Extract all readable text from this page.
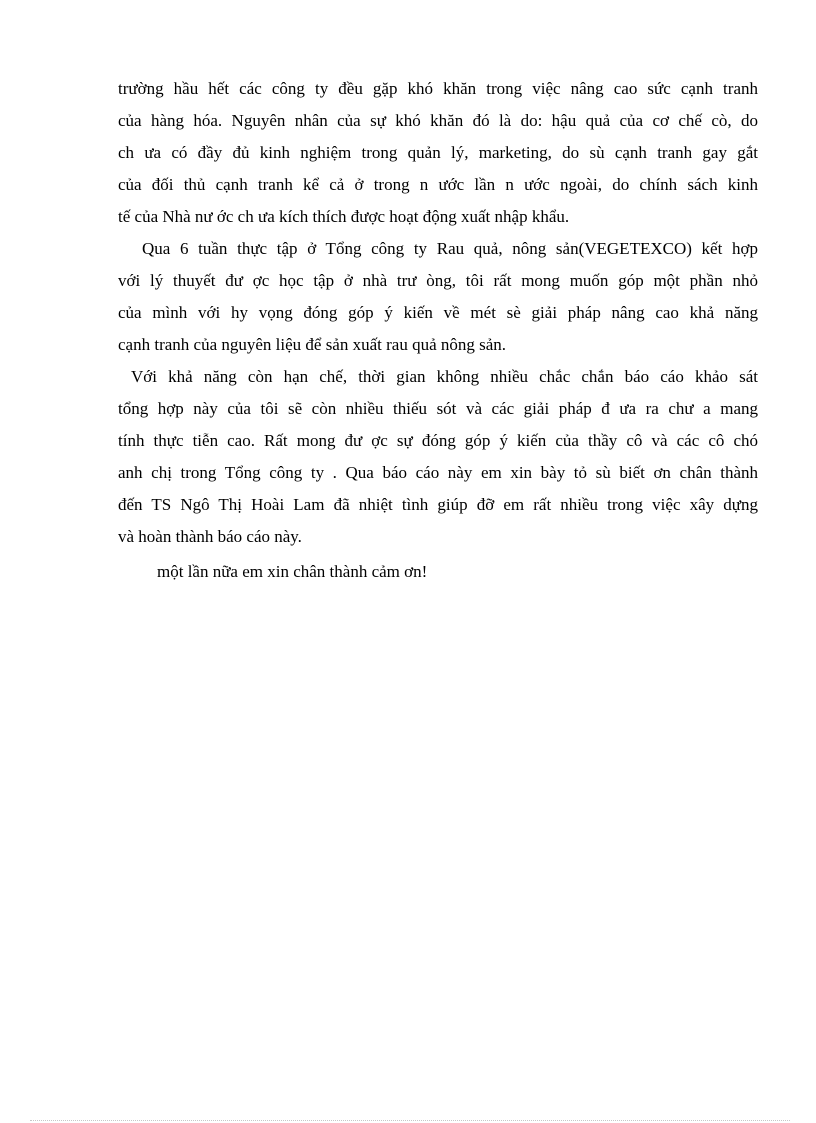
trường hầu hết các công ty đều gặp khó khăn trong việc nâng cao sức cạnh tranh
của hàng hóa. Nguyên nhân của sự khó khăn đó là do: hậu quả của cơ chế cò, do
ch ưa có đầy đủ kinh nghiệm trong quản lý, marketing, do sù cạnh tranh gay gắt
của đối thủ cạnh tranh kể cả ở trong n ước lần n ước ngoài, do chính sách kinh
tế của Nhà nư ớc ch ưa kích thích được hoạt động xuất nhập khẩu.
Qua 6 tuần thực tập ở Tổng công ty Rau quả, nông sản(VEGETEXCO) kết hợp
với lý thuyết đư ợc học tập ở nhà trư òng, tôi rất mong muốn góp một phần nhỏ
của mình với hy vọng đóng góp ý kiến về mét sè giải pháp nâng cao khả năng
cạnh tranh của nguyên liệu để sản xuất rau quả nông sản.
Với khả năng còn hạn chế, thời gian không nhiều chắc chắn báo cáo khảo sát
tổng hợp này của tôi sẽ còn nhiều thiếu sót và các giải pháp đ ưa ra chư a mang
tính thực tiễn cao. Rất mong đư ợc sự đóng góp ý kiến của thầy cô và các cô chó
anh chị trong Tổng công ty . Qua báo cáo này em xin bày tỏ sù biết ơn chân thành
đến TS Ngô Thị Hoài Lam đã nhiệt tình giúp đỡ em rất nhiều trong việc xây dựng
và hoàn thành báo cáo này.
một lần nữa em xin chân thành cảm ơn!
